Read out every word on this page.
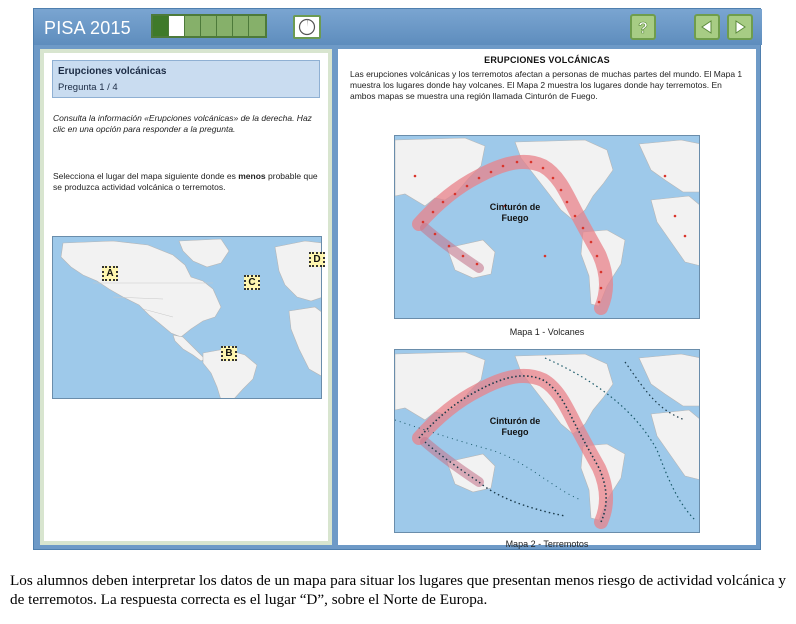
PISA 2015	?
Erupciones volcánicas
Pregunta 1 / 4
Consulta la información «Erupciones volcánicas» de la derecha. Haz clic en una opción para responder a la pregunta.
Selecciona el lugar del mapa siguiente donde es menos probable que se produzca actividad volcánica o terremotos.
A
B
C
D
ERUPCIONES VOLCÁNICAS
Las erupciones volcánicas y los terremotos afectan a personas de muchas partes del mundo. El Mapa 1 muestra los lugares donde hay volcanes. El Mapa 2 muestra los lugares donde hay terremotos. En ambos mapas se muestra una región llamada Cinturón de Fuego.
Cinturón de
Fuego
Mapa 1 - Volcanes
Cinturón de
Fuego
Mapa 2 - Terremotos
Los alumnos deben interpretar los datos de un mapa para situar los lugares que presentan menos riesgo de actividad volcánica y de terremotos. La respuesta correcta es el lugar “D”, sobre el Norte de Europa.
